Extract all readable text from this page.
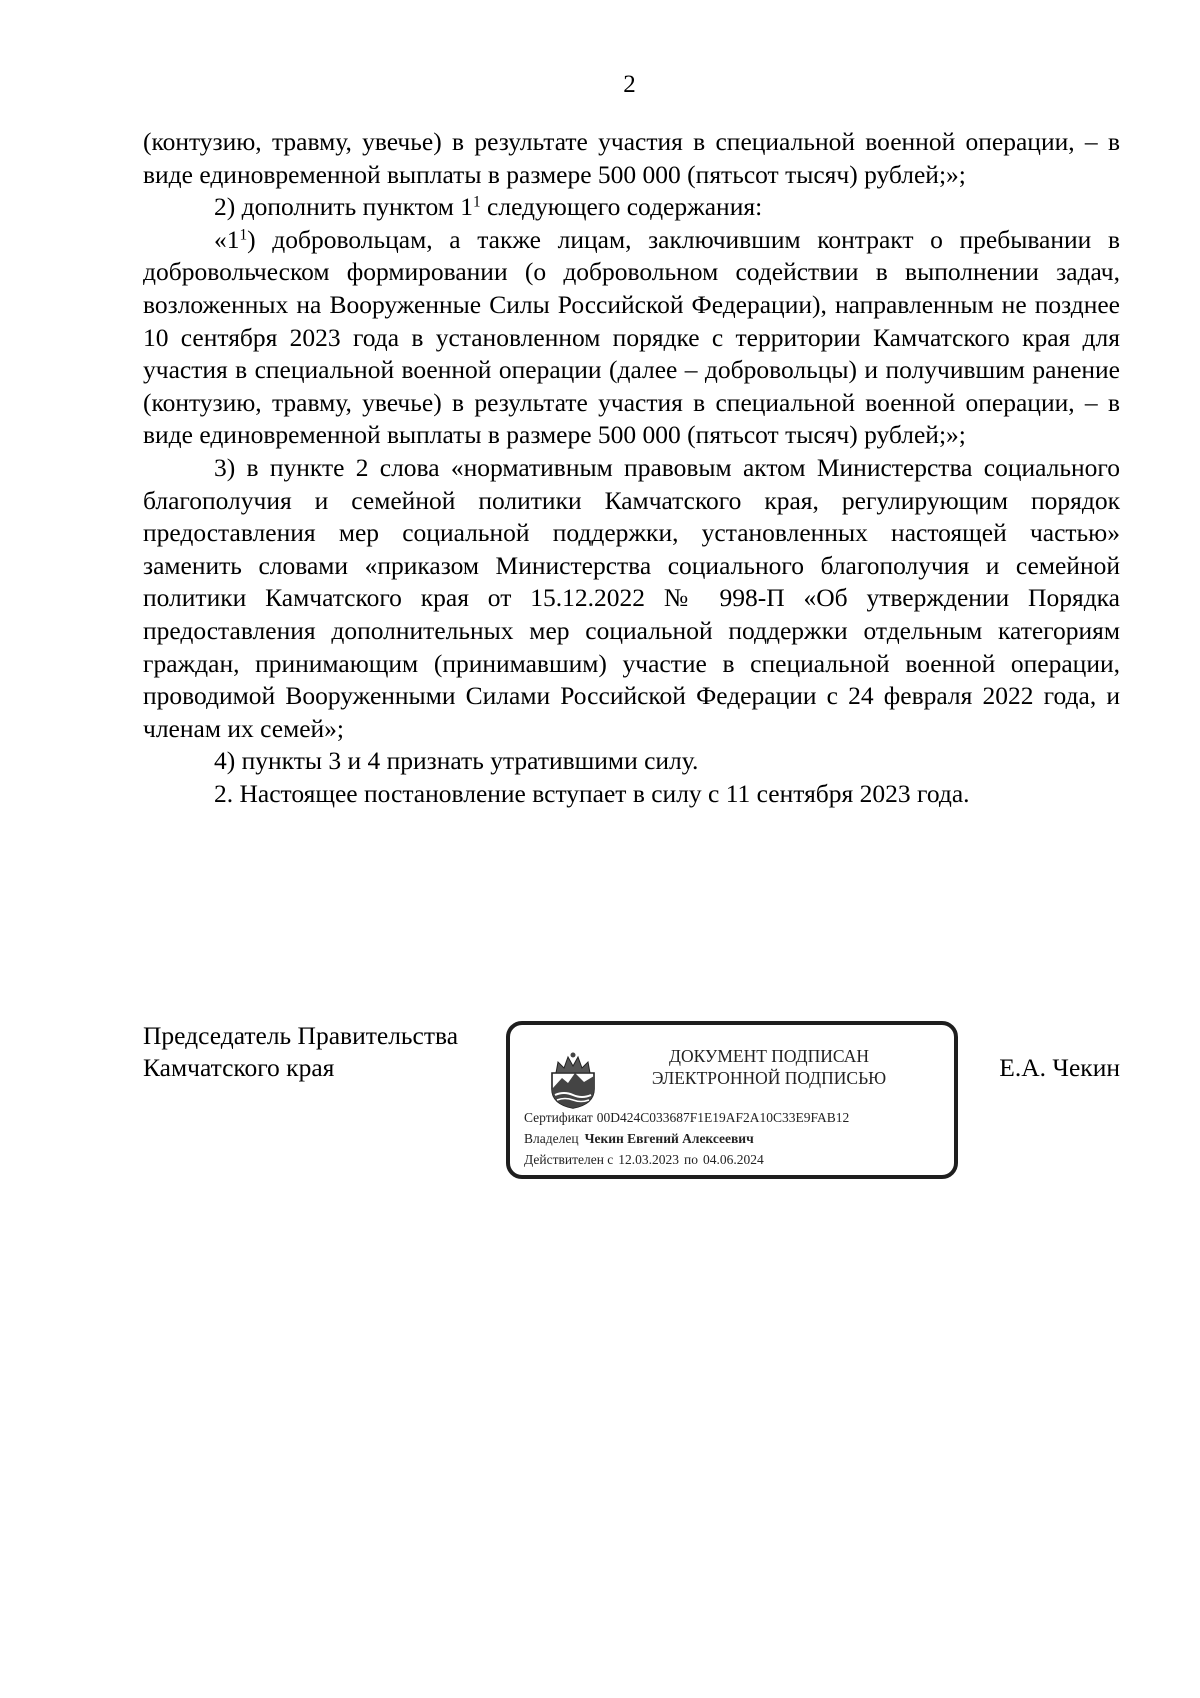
2

(контузию, травму, увечье) в результате участия в специальной военной операции, – в виде единовременной выплаты в размере 500 000 (пятьсот тысяч) рублей;»;

2) дополнить пунктом $1^1$ следующего содержания:

«$1^1$) добровольцам, а также лицам, заключившим контракт о пребывании в добровольческом формировании (о добровольном содействии в выполнении задач, возложенных на Вооруженные Силы Российской Федерации), направленным не позднее 10 сентября 2023 года в установленном порядке с территории Камчатского края для участия в специальной военной операции (далее – добровольцы) и получившим ранение (контузию, травму, увечье) в результате участия в специальной военной операции, – в виде единовременной выплаты в размере 500 000 (пятьсот тысяч) рублей;»;

3) в пункте 2 слова «нормативным правовым актом Министерства социального благополучия и семейной политики Камчатского края, регулирующим порядок предоставления мер социальной поддержки, установленных настоящей частью» заменить словами «приказом Министерства социального благополучия и семейной политики Камчатского края от 15.12.2022 № 998-П «Об утверждении Порядка предоставления дополнительных мер социальной поддержки отдельным категориям граждан, принимающим (принимавшим) участие в специальной военной операции, проводимой Вооруженными Силами Российской Федерации с 24 февраля 2022 года, и членам их семей»;

4) пункты 3 и 4 признать утратившими силу.

2. Настоящее постановление вступает в силу с 11 сентября 2023 года.

Председатель Правительства
Камчатского края	ДОКУМЕНТ ПОДПИСАН
ЭЛЕКТРОННОЙ ПОДПИСЬЮ
Сертификат 00D424C033687F1E19AF2A10C33E9FAB12
Владелец Чекин Евгений Алексеевич
Действителен с 12.03.2023 по 04.06.2024
Е.А. Чекин
